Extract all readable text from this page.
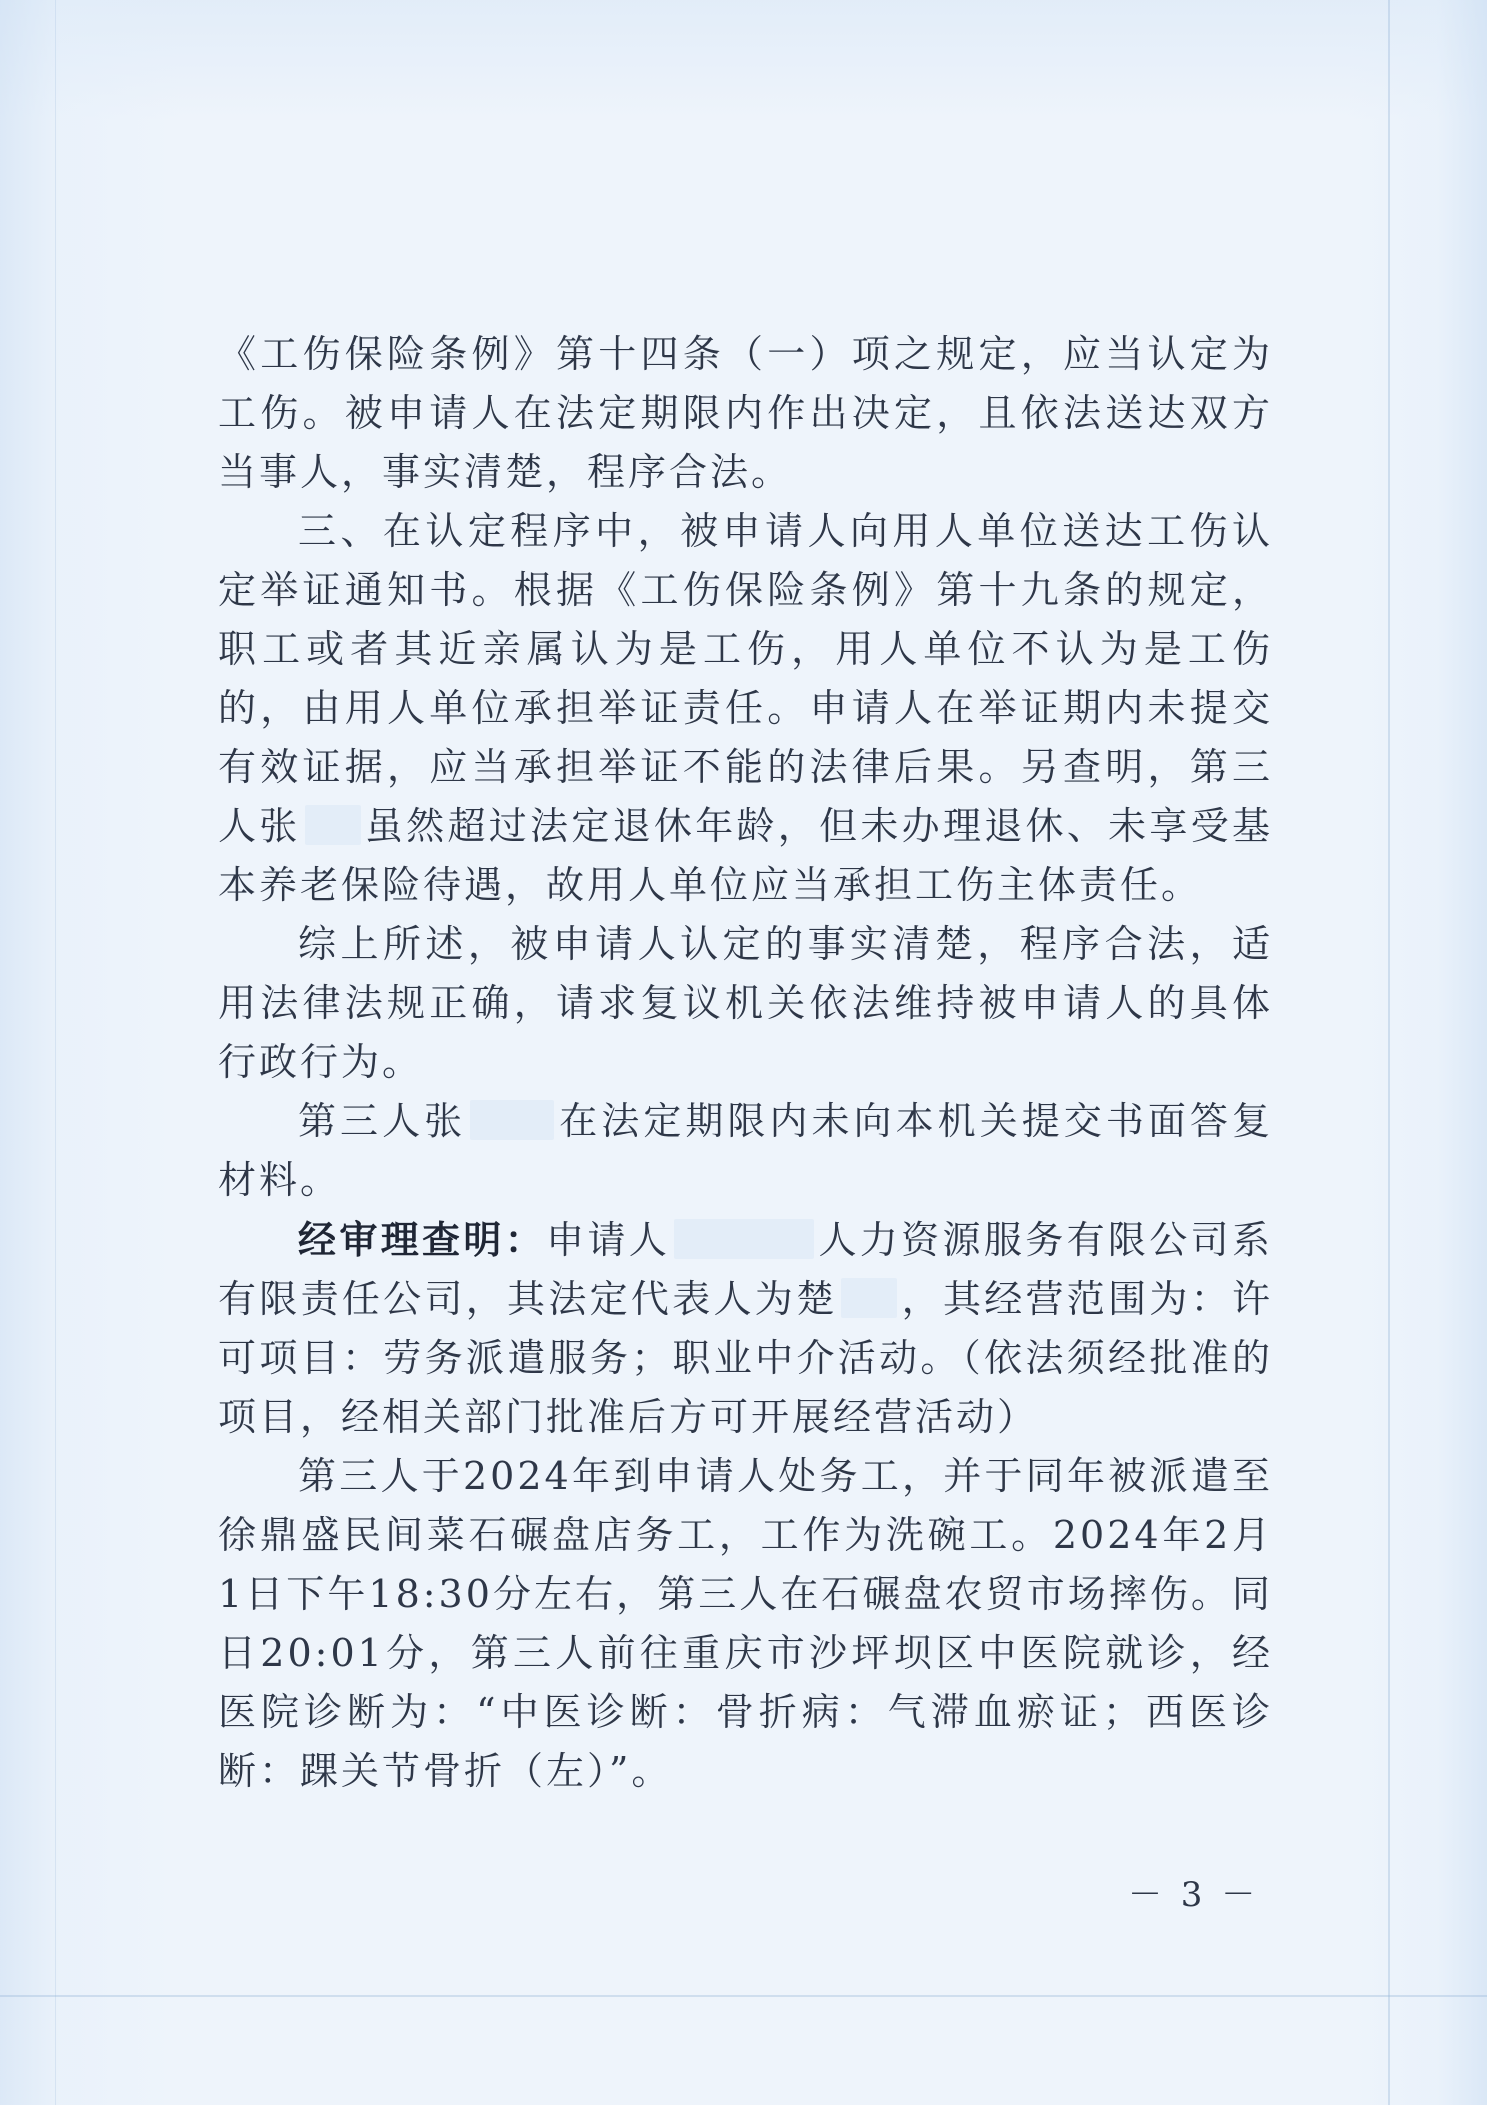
《工伤保险条例》第十四条（一）项之规定，应当认定为工伤。被申请人在法定期限内作出决定，且依法送达双方当事人，事实清楚，程序合法。

三、在认定程序中，被申请人向用人单位送达工伤认定举证通知书。根据《工伤保险条例》第十九条的规定，职工或者其近亲属认为是工伤，用人单位不认为是工伤的，由用人单位承担举证责任。申请人在举证期内未提交有效证据，应当承担举证不能的法律后果。另查明，第三人张 虽然超过法定退休年龄，但未办理退休、未享受基本养老保险待遇，故用人单位应当承担工伤主体责任。

综上所述，被申请人认定的事实清楚，程序合法，适用法律法规正确，请求复议机关依法维持被申请人的具体行政行为。

第三人张 在法定期限内未向本机关提交书面答复材料。

经审理查明：申请人	人力资源服务有限公司系有限责任公司，其法定代表人为楚 ，其经营范围为：许可项目：劳务派遣服务；职业中介活动。（依法须经批准的项目，经相关部门批准后方可开展经营活动）

第三人于2024年到申请人处务工，并于同年被派遣至徐鼎盛民间菜石碾盘店务工，工作为洗碗工。2024年2月1日下午18:30分左右，第三人在石碾盘农贸市场摔伤。同日20:01分，第三人前往重庆市沙坪坝区中医院就诊，经医院诊断为：“中医诊断：骨折病：气滞血瘀证；西医诊断：踝关节骨折（左）”。

－ 3 －
